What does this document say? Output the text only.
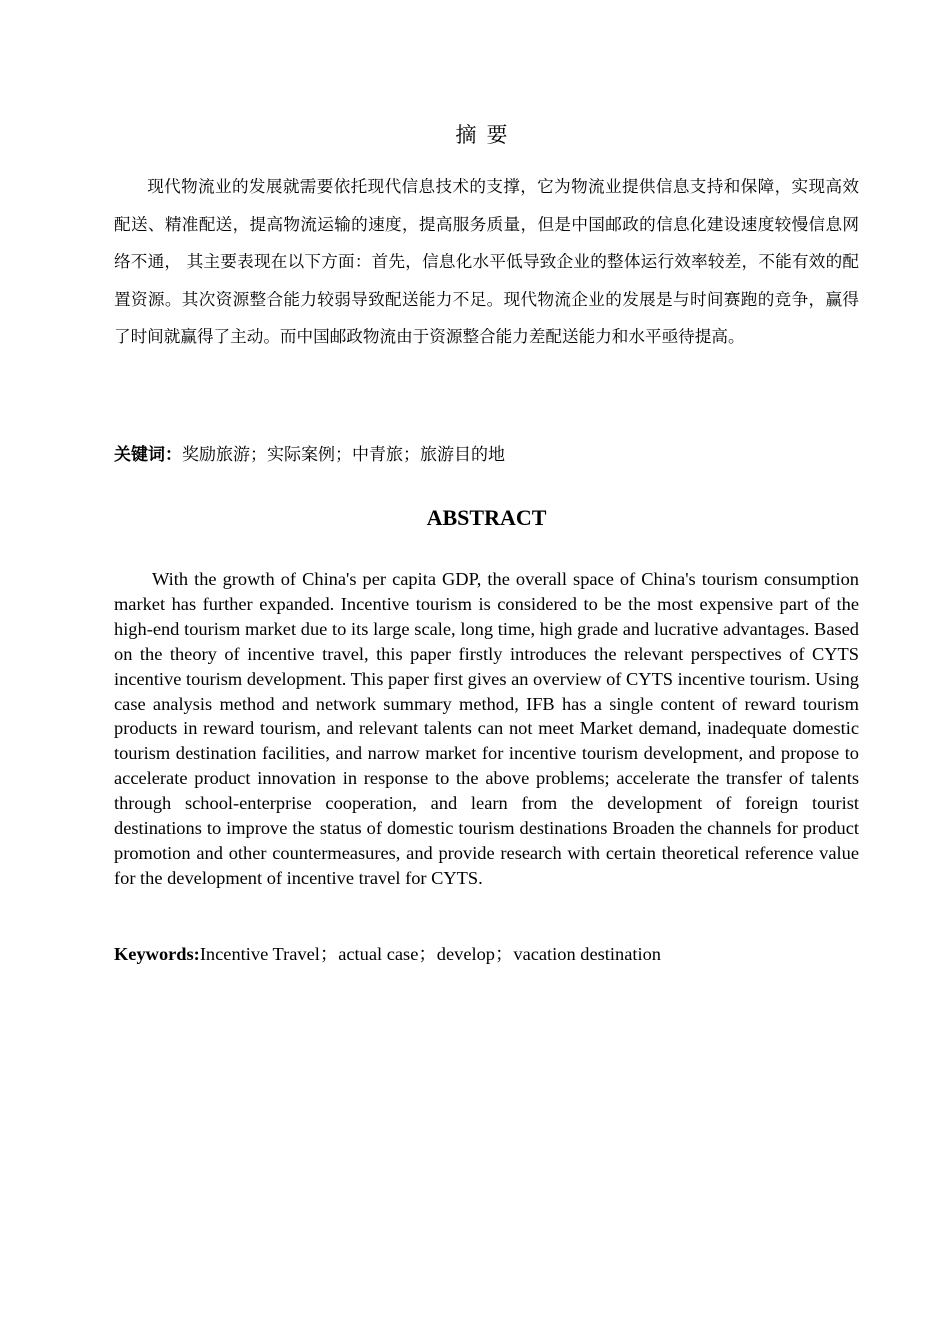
摘要

现代物流业的发展就需要依托现代信息技术的支撑，它为物流业提供信息支持和保障，实现高效配送、精准配送，提高物流运输的速度，提高服务质量，但是中国邮政的信息化建设速度较慢信息网络不通， 其主要表现在以下方面：首先，信息化水平低导致企业的整体运行效率较差，不能有效的配置资源。其次资源整合能力较弱导致配送能力不足。现代物流企业的发展是与时间赛跑的竞争，赢得了时间就赢得了主动。而中国邮政物流由于资源整合能力差配送能力和水平亟待提高。

关键词：奖励旅游；实际案例；中青旅；旅游目的地
ABSTRACT

With the growth of China's per capita GDP, the overall space of China's tourism consumption market has further expanded. Incentive tourism is considered to be the most expensive part of the high-end tourism market due to its large scale, long time, high grade and lucrative advantages. Based on the theory of incentive travel, this paper firstly introduces the relevant perspectives of CYTS incentive tourism development. This paper first gives an overview of CYTS incentive tourism. Using case analysis method and network summary method, IFB has a single content of reward tourism products in reward tourism, and relevant talents can not meet Market demand, inadequate domestic tourism destination facilities, and narrow market for incentive tourism development, and propose to accelerate product innovation in response to the above problems; accelerate the transfer of talents through school-enterprise cooperation, and learn from the development of foreign tourist destinations to improve the status of domestic tourism destinations Broaden the channels for product promotion and other countermeasures, and provide research with certain theoretical reference value for the development of incentive travel for CYTS.

Keywords:Incentive Travel；actual case；develop；vacation destination
